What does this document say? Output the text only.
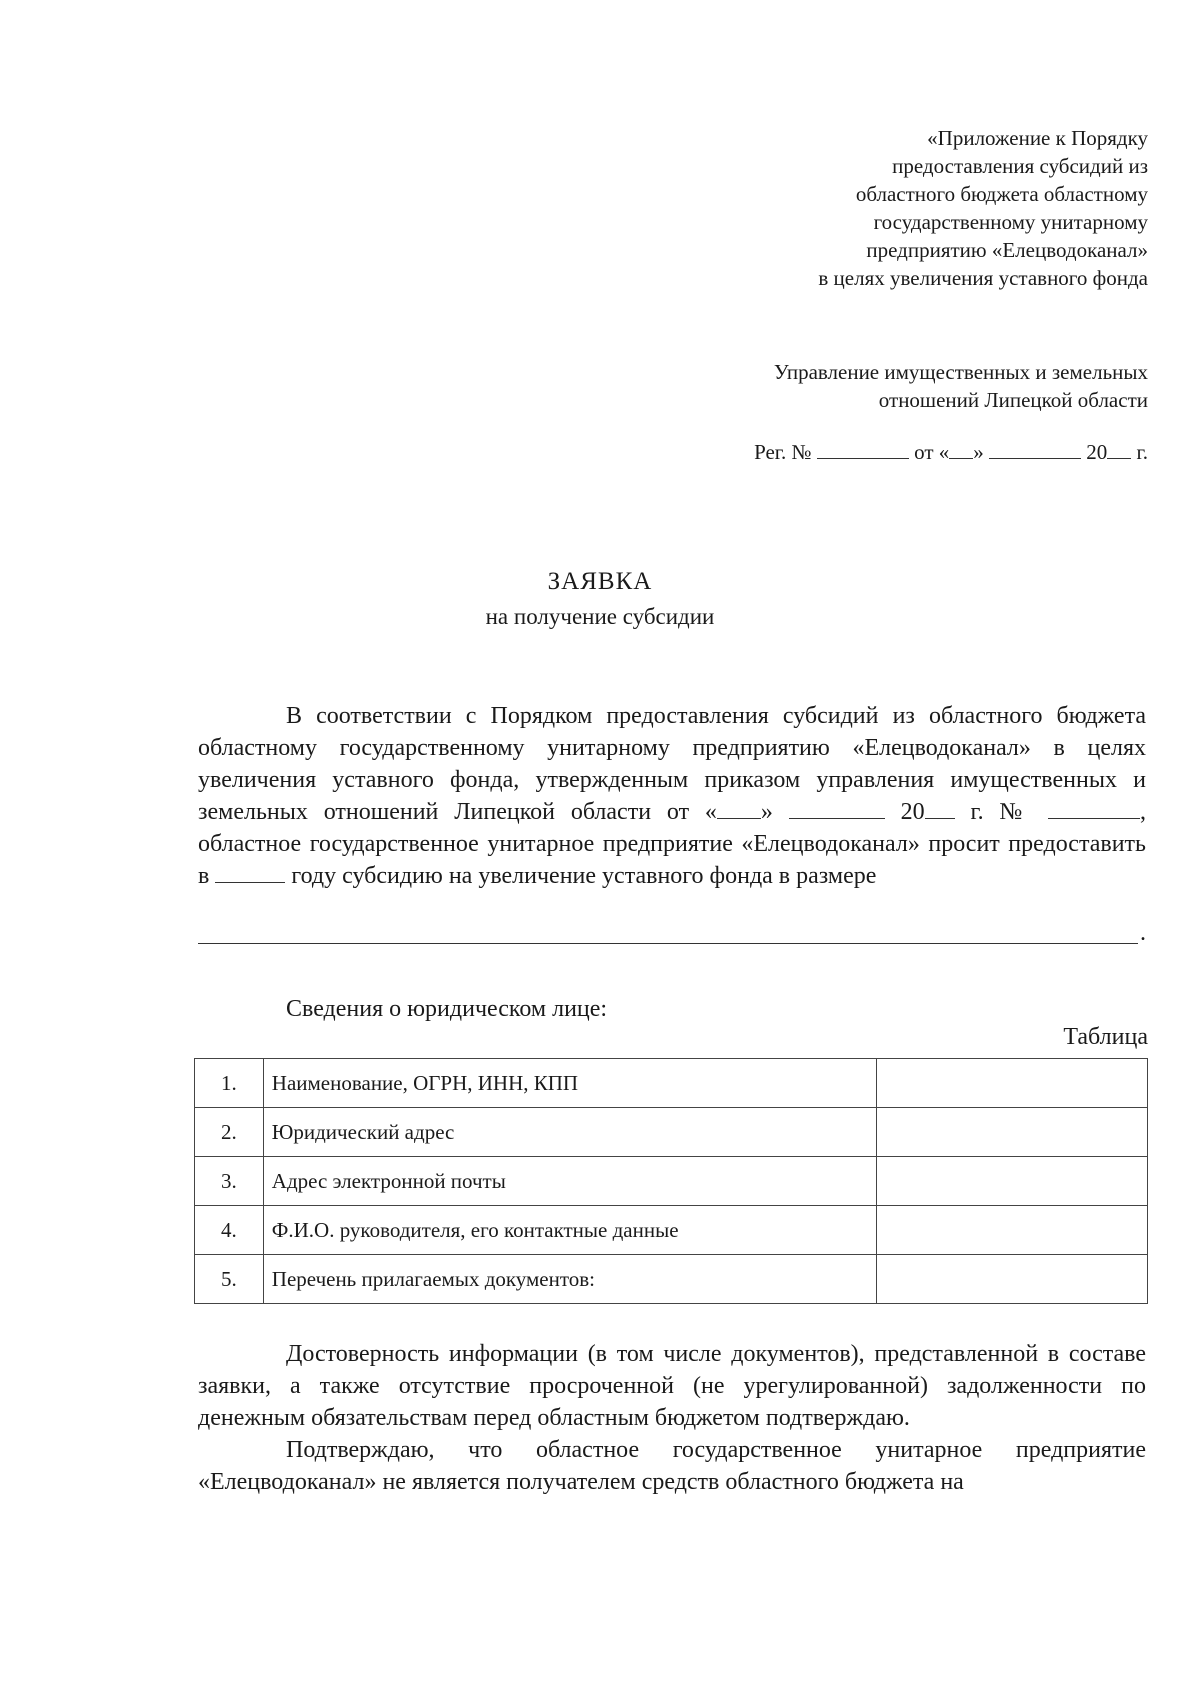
«Приложение к Порядку
предоставления субсидий из
областного бюджета областному
государственному унитарному
предприятию «Елецводоканал»
в целях увеличения уставного фонда
Управление имущественных и земельных
отношений Липецкой области
Рег. №	от « »	20 г.
ЗАЯВКА
на получение субсидии

В соответствии с Порядком предоставления субсидий из областного бюджета областному государственному унитарному предприятию «Елецводоканал» в целях увеличения уставного фонда, утвержденным приказом управления имущественных и земельных отношений Липецкой области от « »	20 г. №	, областное государственное унитарное предприятие «Елецводоканал» просит предоставить в	году субсидию на увеличение уставного фонда в размере

.
Сведения о юридическом лице:
Таблица
1.	Наименование, ОГРН, ИНН, КПП	
2.	Юридический адрес	
3.	Адрес электронной почты	
4.	Ф.И.О. руководителя, его контактные данные	
5.	Перечень прилагаемых документов:	

Достоверность информации (в том числе документов), представленной в составе заявки, а также отсутствие просроченной (не урегулированной) задолженности по денежным обязательствам перед областным бюджетом подтверждаю.

Подтверждаю, что областное государственное унитарное предприятие «Елецводоканал» не является получателем средств областного бюджета на
